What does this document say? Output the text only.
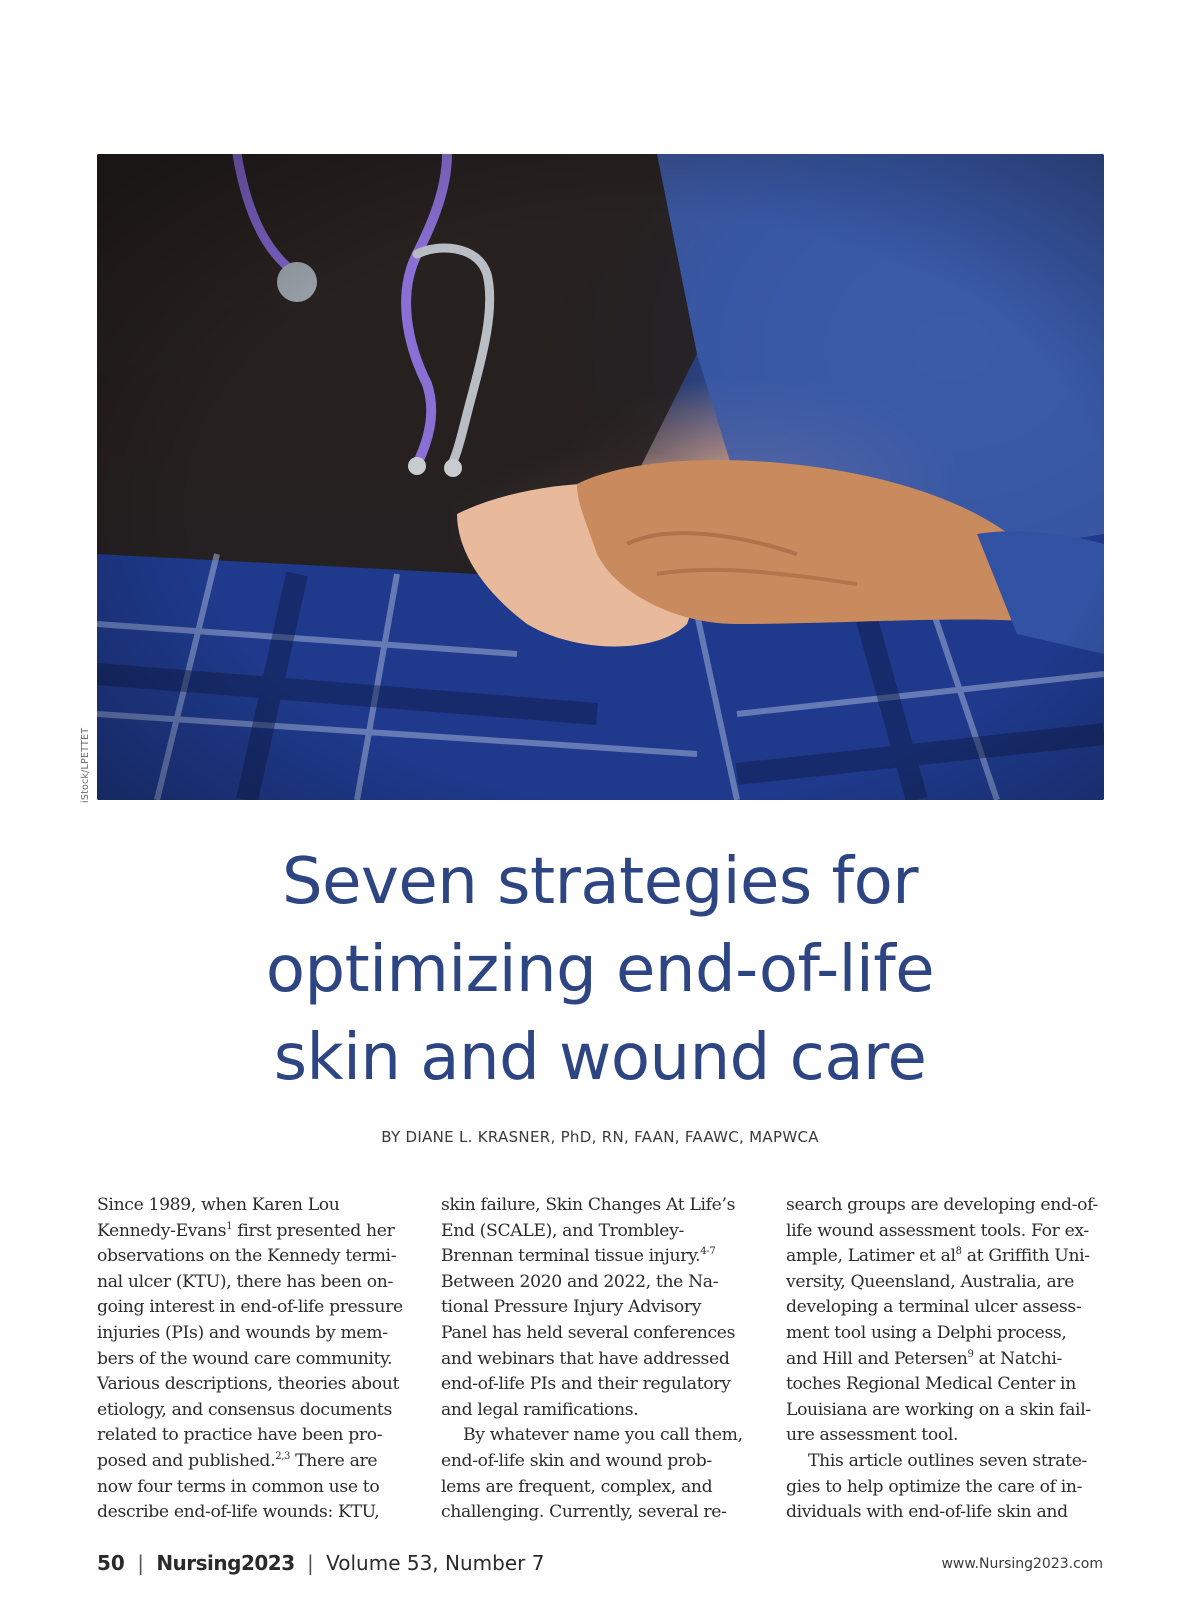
iStock/LPETTET
Seven strategies for
optimizing end-of-life
skin and wound care
BY DIANE L. KRASNER, PhD, RN, FAAN, FAAWC, MAPWCA
Since 1989, when Karen Lou
Kennedy-Evans$^1$ first presented her
observations on the Kennedy termi-
nal ulcer (KTU), there has been on-
going interest in end-of-life pressure
injuries (PIs) and wounds by mem-
bers of the wound care community.
Various descriptions, theories about
etiology, and consensus documents
related to practice have been pro-
posed and published.$^{2,3}$ There are
now four terms in common use to
describe end-of-life wounds: KTU,
skin failure, Skin Changes At Life’s
End (SCALE), and Trombley-
Brennan terminal tissue injury.$^{4-7}$
Between 2020 and 2022, the Na-
tional Pressure Injury Advisory
Panel has held several conferences
and webinars that have addressed
end-of-life PIs and their regulatory
and legal ramifications.
By whatever name you call them,
end-of-life skin and wound prob-
lems are frequent, complex, and
challenging. Currently, several re-
search groups are developing end-of-
life wound assessment tools. For ex-
ample, Latimer et $al^8$ at Griffith Uni-
versity, Queensland, Australia, are
developing a terminal ulcer assess-
ment tool using a Delphi process,
and Hill and Petersen$^9$ at Natchi-
toches Regional Medical Center in
Louisiana are working on a skin fail-
ure assessment tool.
This article outlines seven strate-
gies to help optimize the care of in-
dividuals with end-of-life skin and
50 | Nursing2023 | Volume 53, Number 7	www.Nursing2023.com
